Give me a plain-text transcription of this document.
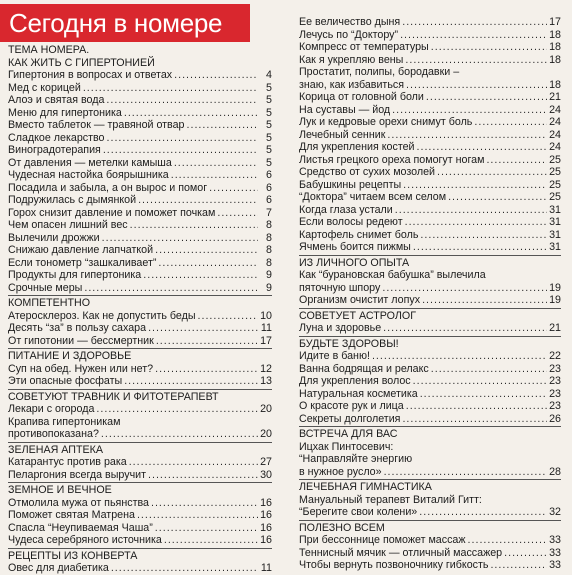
Сегодня в номере
ТЕМА НОМЕРА.
КАК ЖИТЬ С ГИПЕРТОНИЕЙ
Гипертония в вопросах и ответах .....	4
Мед с корицей .....	5
Алоэ и святая вода .....	5
Меню для гипертоника .....	5
Вместо таблеток — травяной отвар .....	5
Сладкое лекарство .....	5
Виноградотерапия .....	5
От давления — метелки камыша .....	5
Чудесная настойка боярышника .....	6
Посадила и забыла, а он вырос и помог .....	6
Подружилась с дымянкой .....	6
Горох снизит давление и поможет почкам .....	7
Чем опасен лишний вес .....	8
Вылечили дрожжи .....	8
Снижаю давление лапчаткой .....	8
Если тонометр “зашкаливает” .....	8
Продукты для гипертоника .....	9
Срочные меры .....	9
КОМПЕТЕНТНО
Атеросклероз. Как не допустить беды .....	10
Десять “за” в пользу сахара .....	11
От гипотонии — бессмертник .....	17
ПИТАНИЕ И ЗДОРОВЬЕ
Суп на обед. Нужен или нет? .....	12
Эти опасные фосфаты .....	13
СОВЕТУЮТ ТРАВНИК И ФИТОТЕРАПЕВТ
Лекари с огорода .....	20
Крапива гипертоникам
противопоказана? .....	20
ЗЕЛЕНАЯ АПТЕКА
Катарантус против рака .....	27
Пеларгония всегда выручит .....	30
ЗЕМНОЕ И ВЕЧНОЕ
Отмолила мужа от пьянства .....	16
Поможет святая Матрена .....	16
Спасла “Неупиваемая Чаша” .....	16
Чудеса серебряного источника .....	16
РЕЦЕПТЫ ИЗ КОНВЕРТА
Овес для диабетика .....	11
Ее величество дыня .....	17
Лечусь по “Доктору” .....	18
Компресс от температуры .....	18
Как я укрепляю вены .....	18
Простатит, полипы, бородавки –
знаю, как избавиться .....	18
Корица от головной боли .....	21
На суставы — йод .....	24
Лук и кедровые орехи снимут боль .....	24
Лечебный сенник .....	24
Для укрепления костей .....	24
Листья грецкого ореха помогут ногам .....	25
Средство от сухих мозолей .....	25
Бабушкины рецепты .....	25
“Доктора” читаем всем селом .....	25
Когда глаза устали .....	31
Если волосы редеют .....	31
Картофель снимет боль .....	31
Ячмень боится пижмы .....	31
ИЗ ЛИЧНОГО ОПЫТА
Как “бурановская бабушка” вылечила
пяточную шпору .....	19
Организм очистит лопух .....	19
СОВЕТУЕТ АСТРОЛОГ
Луна и здоровье .....	21
БУДЬТЕ ЗДОРОВЫ!
Идите в баню! .....	22
Ванна бодрящая и релакс .....	23
Для укрепления волос .....	23
Натуральная косметика .....	23
О красоте рук и лица .....	23
Секреты долголетия .....	26
ВСТРЕЧА ДЛЯ ВАС
Ицхак Пинтосевич:
“Направляйте энергию
в нужное русло» .....	28
ЛЕЧЕБНАЯ ГИМНАСТИКА
Мануальный терапевт Виталий Гитт:
“Берегите свои колени» .....	32
ПОЛЕЗНО ВСЕМ
При бессоннице поможет массаж .....	33
Теннисный мячик — отличный массажер .....	33
Чтобы вернуть позвоночнику гибкость .....	33
